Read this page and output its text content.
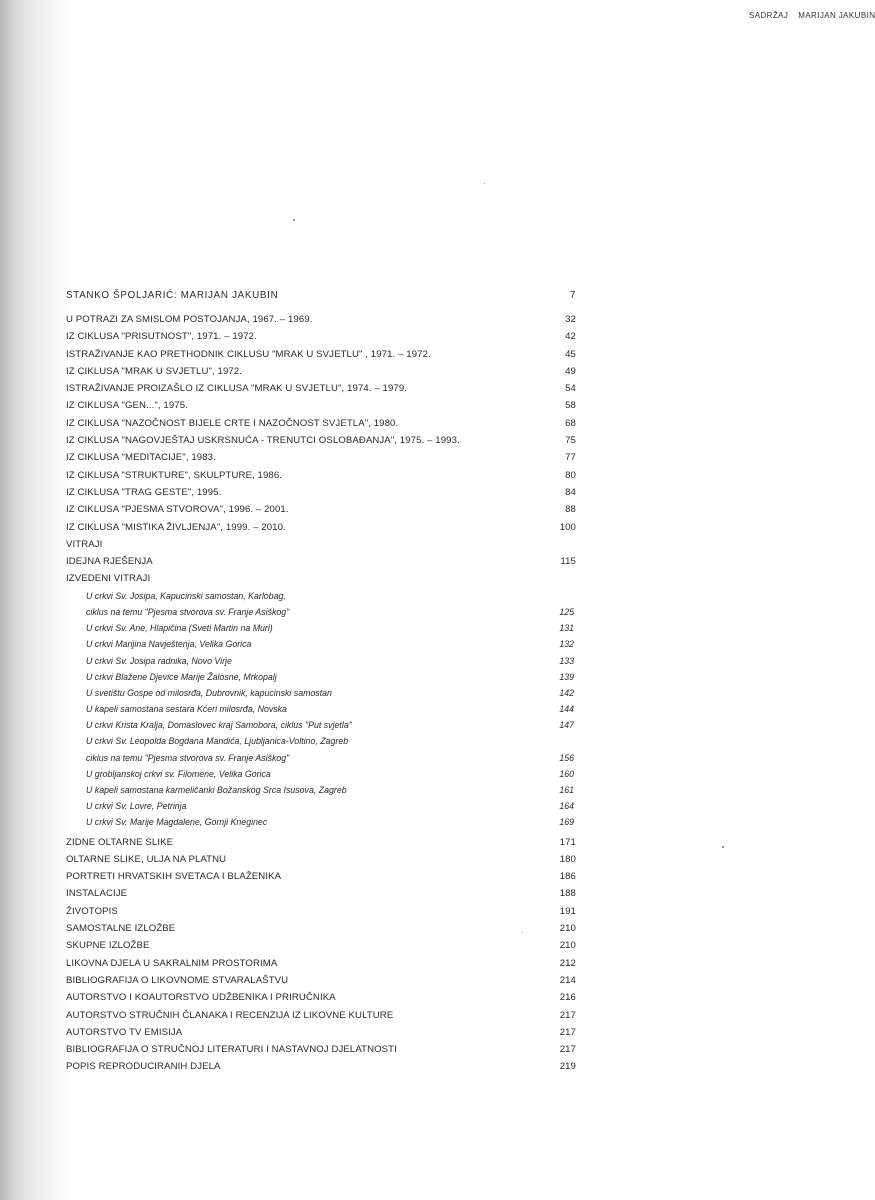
SADRŽAJ MARIJAN JAKUBIN
STANKO ŠPOLJARIĆ: MARIJAN JAKUBIN	7
U POTRAZI ZA SMISLOM POSTOJANJA, 1967. – 1969.	32
IZ CIKLUSA "PRISUTNOST", 1971. – 1972.	42
ISTRAŽIVANJE KAO PRETHODNIK CIKLUSU "MRAK U SVJETLU" , 1971. – 1972.	45
IZ CIKLUSA "MRAK U SVJETLU", 1972.	49
ISTRAŽIVANJE PROIZAŠLO IZ CIKLUSA "MRAK U SVJETLU", 1974. – 1979.	54
IZ CIKLUSA "GEN...", 1975.	58
IZ CIKLUSA "NAZOČNOST BIJELE CRTE I NAZOČNOST SVJETLA", 1980.	68
IZ CIKLUSA "NAGOVJEŠTAJ USKRSNUĆA - TRENUTCI OSLOBAĐANJA", 1975. – 1993.	75
IZ CIKLUSA "MEDITACIJE", 1983.	77
IZ CIKLUSA "STRUKTURE", SKULPTURE, 1986.	80
IZ CIKLUSA "TRAG GESTE", 1995.	84
IZ CIKLUSA "PJESMA STVOROVA", 1996. – 2001.	88
IZ CIKLUSA "MISTIKA ŽIVLJENJA", 1999. – 2010.	100
VITRAJI
IDEJNA RJEŠENJA	115
IZVEDENI VITRAJI
U crkvi Sv. Josipa, Kapucinski samostan, Karlobag,
ciklus na temu "Pjesma stvorova sv. Franje Asiškog"	125
U crkvi Sv. Ane, Hlapičina (Sveti Martin na Muri)	131
U crkvi Marijina Navještenja, Velika Gorica	132
U crkvi Sv. Josipa radnika, Novo Virje	133
U crkvi Blažene Djevice Marije Žalosne, Mrkopalj	139
U svetištu Gospe od milosrđa, Dubrovnik, kapucinski samostan	142
U kapeli samostana sestara Kćeri milosrđa, Novska	144
U crkvi Krista Kralja, Domaslovec kraj Samobora, ciklus "Put svjetla"	147
U crkvi Sv. Leopolda Bogdana Mandića, Ljubljanica-Voltino, Zagreb
ciklus na temu "Pjesma stvorova sv. Franje Asiškog"	156
U grobljanskoj crkvi sv. Filomene, Velika Gorica	160
U kapeli samostana karmeličanki Božanskog Srca Isusova, Zagreb	161
U crkvi Sv. Lovre, Petrinja	164
U crkvi Sv. Marije Magdalene, Gornji Kneginec	169
ZIDNE OLTARNE SLIKE	171
OLTARNE SLIKE, ULJA NA PLATNU	180
PORTRETI HRVATSKIH SVETACA I BLAŽENIKA	186
INSTALACIJE	188
ŽIVOTOPIS	191
SAMOSTALNE IZLOŽBE	210
SKUPNE IZLOŽBE	210
LIKOVNA DJELA U SAKRALNIM PROSTORIMA	212
BIBLIOGRAFIJA O LIKOVNOME STVARALAŠTVU	214
AUTORSTVO I KOAUTORSTVO UDŽBENIKA I PRIRUČNIKA	216
AUTORSTVO STRUČNIH ČLANAKA I RECENZIJA IZ LIKOVNE KULTURE	217
AUTORSTVO TV EMISIJA	217
BIBLIOGRAFIJA O STRUČNOJ LITERATURI I NASTAVNOJ DJELATNOSTI	217
POPIS REPRODUCIRANIH DJELA	219
